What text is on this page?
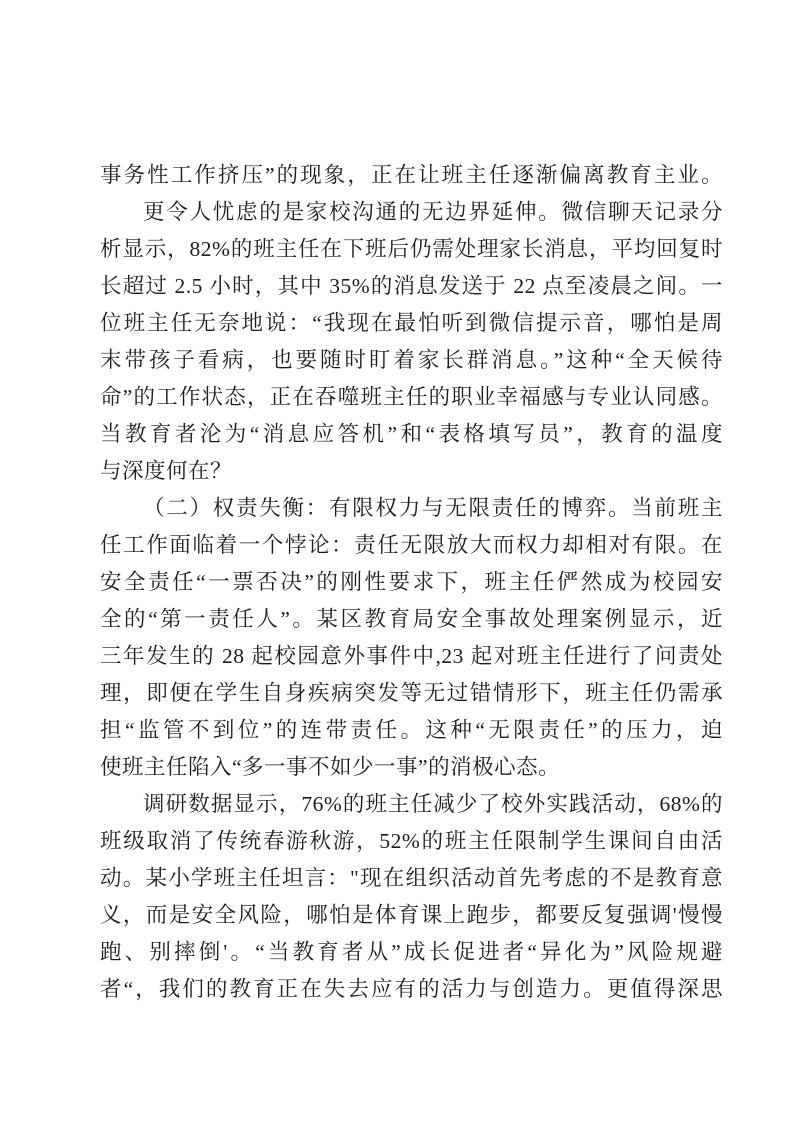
事务性工作挤压”的现象，正在让班主任逐渐偏离教育主业。
更令人忧虑的是家校沟通的无边界延伸。微信聊天记录分
析显示，82%的班主任在下班后仍需处理家长消息，平均回复时
长超过 2.5 小时，其中 35%的消息发送于 22 点至凌晨之间。一
位班主任无奈地说：“我现在最怕听到微信提示音，哪怕是周
末带孩子看病，也要随时盯着家长群消息。”这种“全天候待
命”的工作状态，正在吞噬班主任的职业幸福感与专业认同感。
当教育者沦为“消息应答机”和“表格填写员”，教育的温度
与深度何在？
（二）权责失衡：有限权力与无限责任的博弈。当前班主
任工作面临着一个悖论：责任无限放大而权力却相对有限。在
安全责任“一票否决”的刚性要求下，班主任俨然成为校园安
全的“第一责任人”。某区教育局安全事故处理案例显示，近
三年发生的 28 起校园意外事件中,23 起对班主任进行了问责处
理，即便在学生自身疾病突发等无过错情形下，班主任仍需承
担“监管不到位”的连带责任。这种“无限责任”的压力，迫
使班主任陷入“多一事不如少一事”的消极心态。
调研数据显示，76%的班主任减少了校外实践活动，68%的
班级取消了传统春游秋游，52%的班主任限制学生课间自由活
动。某小学班主任坦言："现在组织活动首先考虑的不是教育意
义，而是安全风险，哪怕是体育课上跑步，都要反复强调'慢慢
跑、别摔倒'。“当教育者从”成长促进者“异化为”风险规避
者“，我们的教育正在失去应有的活力与创造力。更值得深思
